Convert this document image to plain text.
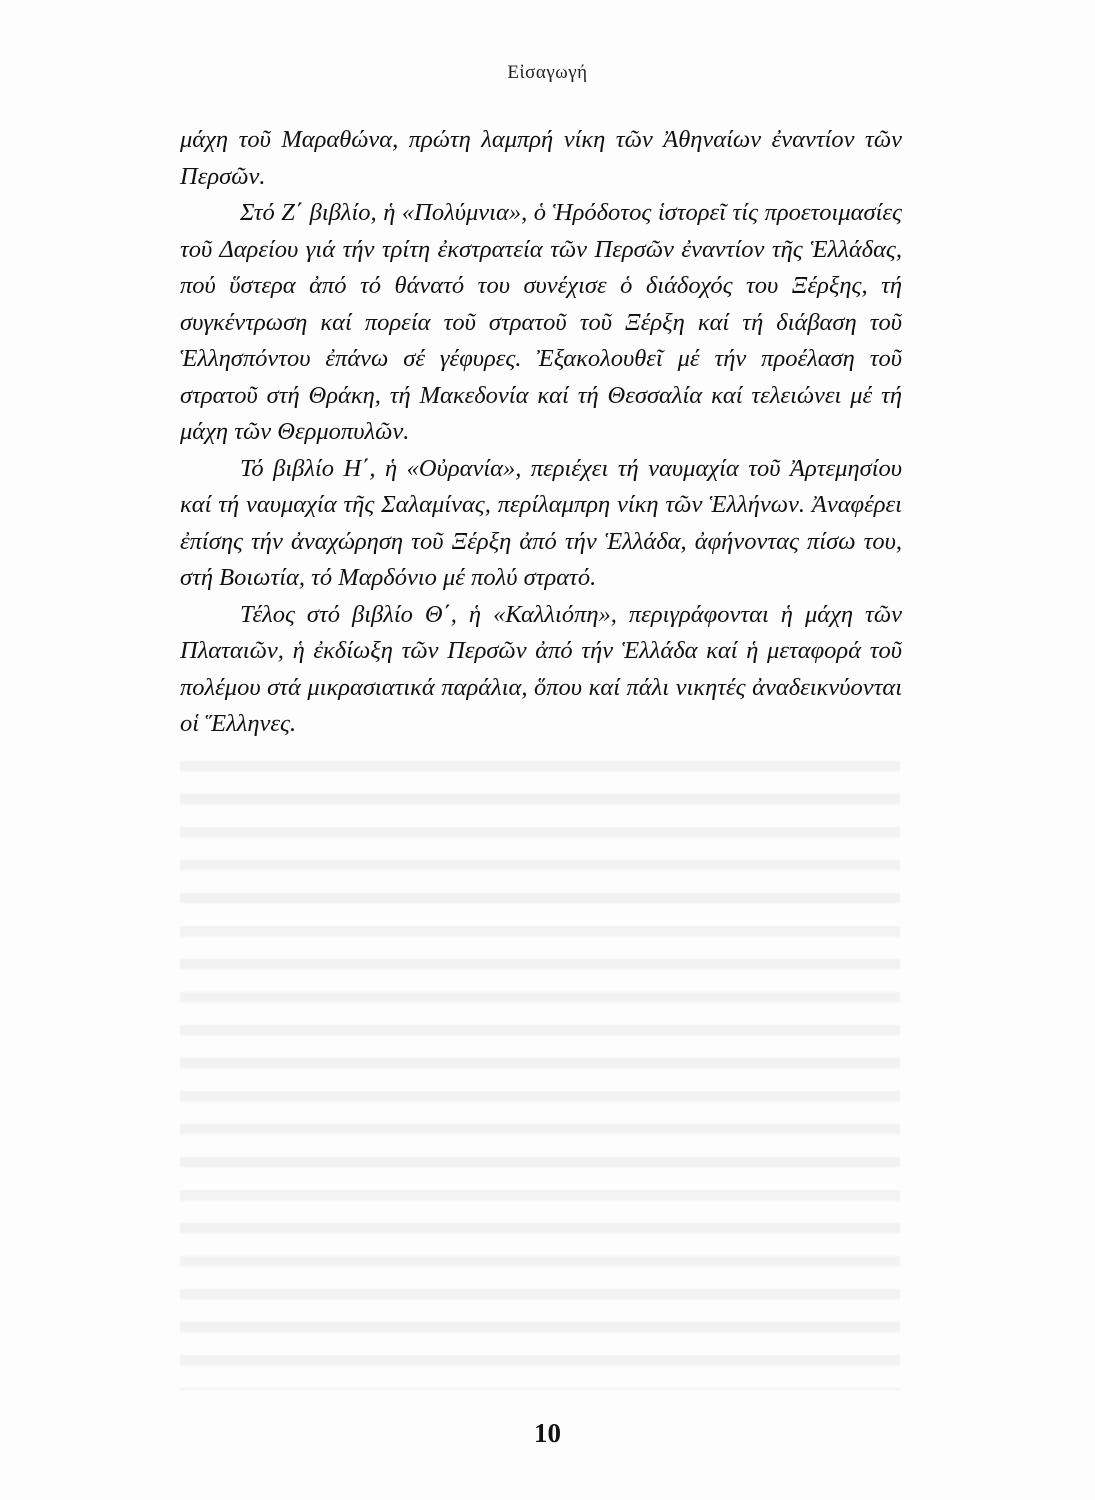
Εἰσαγωγή

μάχη τοῦ Μαραθώνα, πρώτη λαμπρή νίκη τῶν Ἀθηναίων ἐναντίον τῶν Περσῶν.

Στό Ζ΄ βιβλίο, ἡ «Πολύμνια», ὁ Ἡρόδοτος ἱστορεῖ τίς προετοιμασίες τοῦ Δαρείου γιά τήν τρίτη ἐκστρατεία τῶν Περσῶν ἐναντίον τῆς Ἑλλάδας, πού ὕστερα ἀπό τό θάνατό του συνέχισε ὁ διάδοχός του Ξέρξης, τή συγκέντρωση καί πορεία τοῦ στρατοῦ τοῦ Ξέρξη καί τή διάβαση τοῦ Ἑλλησπόντου ἐπάνω σέ γέφυρες. Ἐξακολουθεῖ μέ τήν προέλαση τοῦ στρατοῦ στή Θράκη, τή Μακεδονία καί τή Θεσσαλία καί τελειώνει μέ τή μάχη τῶν Θερμοπυλῶν.

Τό βιβλίο Η΄, ἡ «Οὐρανία», περιέχει τή ναυμαχία τοῦ Ἀρτεμησίου καί τή ναυμαχία τῆς Σαλαμίνας, περίλαμπρη νίκη τῶν Ἑλλήνων. Ἀναφέρει ἐπίσης τήν ἀναχώρηση τοῦ Ξέρξη ἀπό τήν Ἑλλάδα, ἀφήνοντας πίσω του, στή Βοιωτία, τό Μαρδόνιο μέ πολύ στρατό.

Τέλος στό βιβλίο Θ΄, ἡ «Καλλιόπη», περιγράφονται ἡ μάχη τῶν Πλαταιῶν, ἡ ἐκδίωξη τῶν Περσῶν ἀπό τήν Ἑλλάδα καί ἡ μεταφορά τοῦ πολέμου στά μικρασιατικά παράλια, ὅπου καί πάλι νικητές ἀναδεικνύονται οἱ Ἕλληνες.

10
